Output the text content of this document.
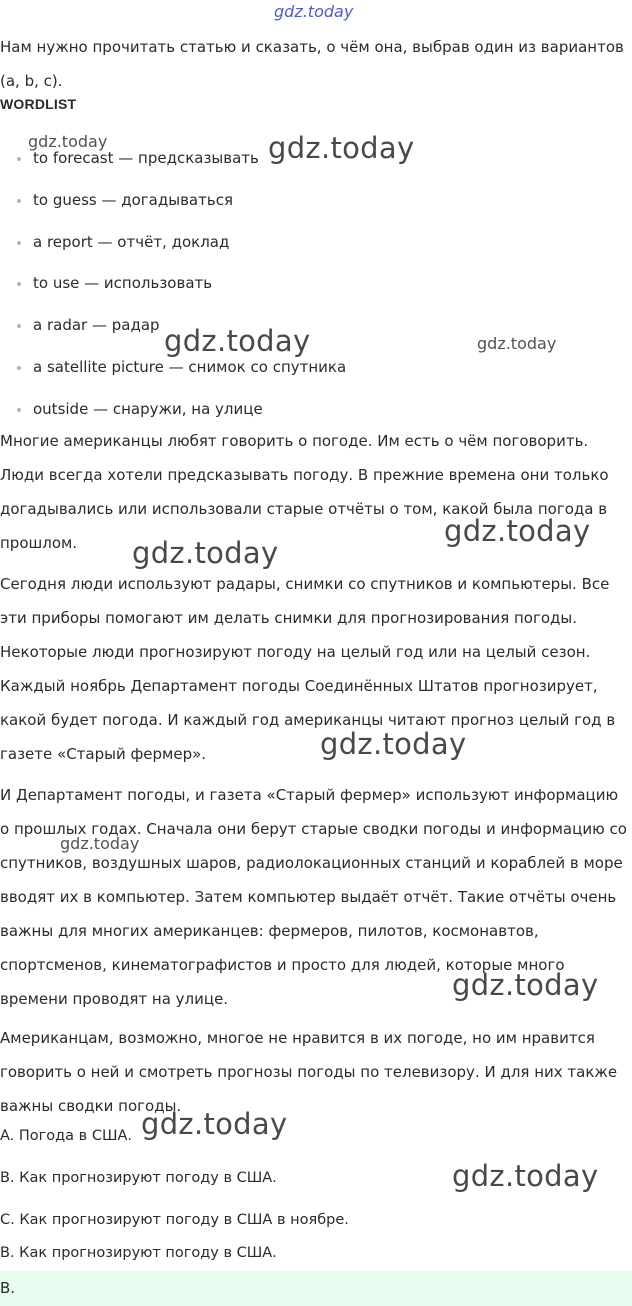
gdz.today
Нам нужно прочитать статью и сказать, о чём она, выбрав один из вариантов (a, b, c).
WORDLIST
to forecast — предсказывать
to guess — догадываться
a report — отчёт, доклад
to use — использовать
a radar — радар
a satellite picture — снимок со спутника
outside — снаружи, на улице

Многие американцы любят говорить о погоде. Им есть о чём поговорить. Люди всегда хотели предсказывать погоду. В прежние времена они только догадывались или использовали старые отчёты о том, какой была погода в прошлом.

Сегодня люди используют радары, снимки со спутников и компьютеры. Все эти приборы помогают им делать снимки для прогнозирования погоды. Некоторые люди прогнозируют погоду на целый год или на целый сезон. Каждый ноябрь Департамент погоды Соединённых Штатов прогнозирует, какой будет погода. И каждый год американцы читают прогноз целый год в газете «Старый фермер».

И Департамент погоды, и газета «Старый фермер» используют информацию о прошлых годах. Сначала они берут старые сводки погоды и информацию со спутников, воздушных шаров, радиолокационных станций и кораблей в море вводят их в компьютер. Затем компьютер выдаёт отчёт. Такие отчёты очень важны для многих американцев: фермеров, пилотов, космонавтов, спортсменов, кинематографистов и просто для людей, которые много времени проводят на улице.

Американцам, возможно, многое не нравится в их погоде, но им нравится говорить о ней и смотреть прогнозы погоды по телевизору. И для них также важны сводки погоды.

A. Погода в США.
B. Как прогнозируют погоду в США.
C. Как прогнозируют погоду в США в ноябре.
B. Как прогнозируют погоду в США.
B.
gdz.today	gdz.today
gdz.today	gdz.today
gdz.today
gdz.today
gdz.today
gdz.today
gdz.today
gdz.today
gdz.today
